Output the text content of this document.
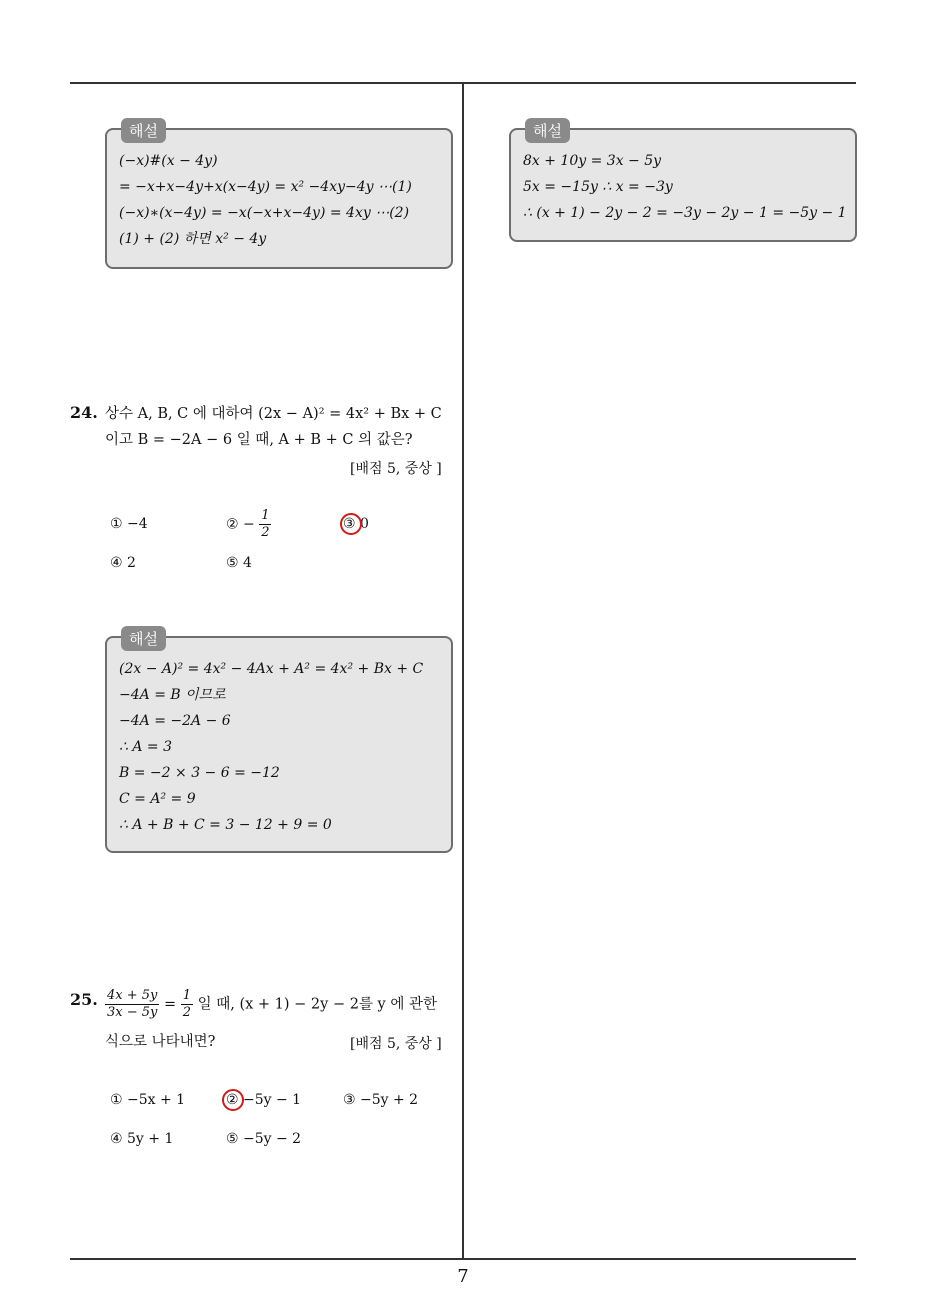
해설
(−x)#(x − 4y)
= −x+x−4y+x(x−4y) = x² −4xy−4y ⋯(1)
(−x)∗(x−4y) = −x(−x+x−4y) = 4xy ⋯(2)
(1) + (2) 하면 x² − 4y
해설
8x + 10y = 3x − 5y
5x = −15y ∴ x = −3y
∴ (x + 1) − 2y − 2 = −3y − 2y − 1 = −5y − 1
24. 상수 A, B, C 에 대하여 (2x − A)² = 4x² + Bx + C
이고 B = −2A − 6 일 때, A + B + C 의 값은?
[배점 5, 중상 ]
① −4	② − $\frac{1}{2}$	③ 0
④ 2	⑤ 4
해설
(2x − A)² = 4x² − 4Ax + A² = 4x² + Bx + C
−4A = B 이므로
−4A = −2A − 6
∴ A = 3
B = −2 × 3 − 6 = −12
C = A² = 9
∴ A + B + C = 3 − 12 + 9 = 0
25. $\frac{4x + 5y}{3x - 5y} = \frac{1}{2}$ 일 때, (x + 1) − 2y − 2를 y 에 관한
식으로 나타내면?	[배점 5, 중상 ]
① −5x + 1	② −5y − 1	③ −5y + 2
④ 5y + 1	⑤ −5y − 2
7
